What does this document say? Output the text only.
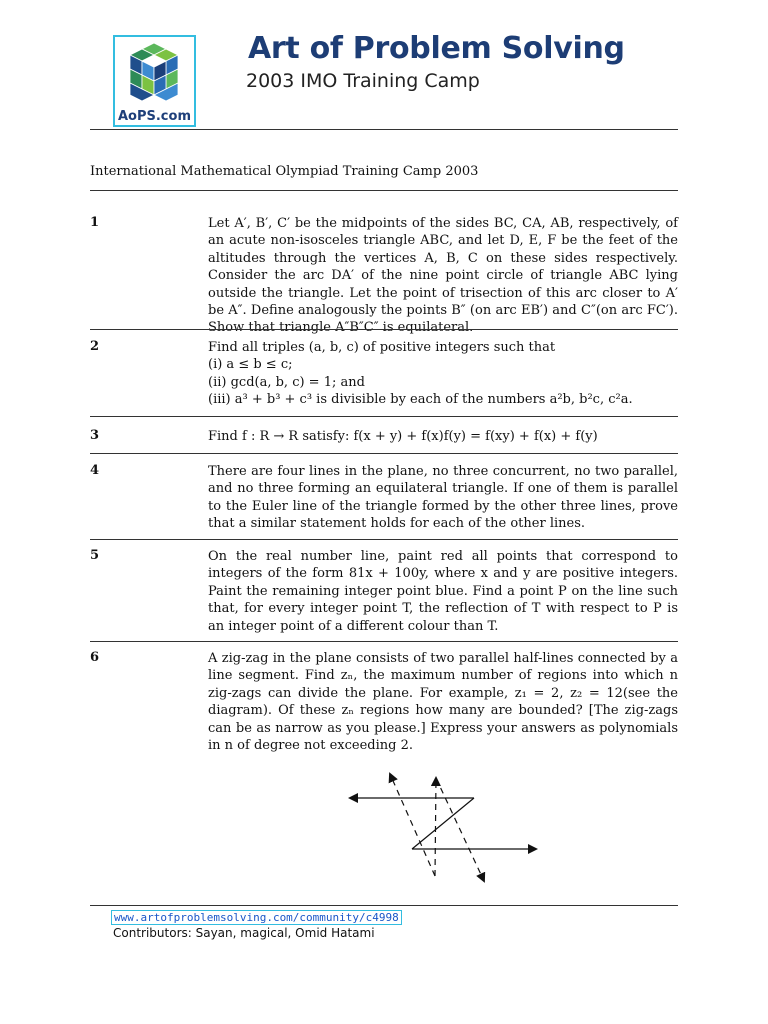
AoPS.com
Art of Problem Solving
2003 IMO Training Camp
International Mathematical Olympiad Training Camp 2003
1	Let A′, B′, C′ be the midpoints of the sides BC, CA, AB, respectively, of an acute non-isosceles triangle ABC, and let D, E, F be the feet of the altitudes through the vertices A, B, C on these sides respectively. Consider the arc DA′ of the nine point circle of triangle ABC lying outside the triangle. Let the point of trisection of this arc closer to A′ be A″. Define analogously the points B″ (on arc EB′) and C″(on arc FC′). Show that triangle A″B″C″ is equilateral.
2	Find all triples (a, b, c) of positive integers such that
(i) a ≤ b ≤ c;
(ii) gcd(a, b, c) = 1; and
(iii) a³ + b³ + c³ is divisible by each of the numbers a²b, b²c, c²a.
3	Find f : R → R satisfy: f(x + y) + f(x)f(y) = f(xy) + f(x) + f(y)
4	There are four lines in the plane, no three concurrent, no two parallel, and no three forming an equilateral triangle. If one of them is parallel to the Euler line of the triangle formed by the other three lines, prove that a similar statement holds for each of the other lines.
5	On the real number line, paint red all points that correspond to integers of the form 81x + 100y, where x and y are positive integers. Paint the remaining integer point blue. Find a point P on the line such that, for every integer point T, the reflection of T with respect to P is an integer point of a different colour than T.
6	A zig-zag in the plane consists of two parallel half-lines connected by a line segment. Find zₙ, the maximum number of regions into which n zig-zags can divide the plane. For example, z₁ = 2, z₂ = 12(see the diagram). Of these zₙ regions how many are bounded? [The zig-zags can be as narrow as you please.] Express your answers as polynomials in n of degree not exceeding 2.
www.artofproblemsolving.com/community/c4998
Contributors: Sayan, magical, Omid Hatami
